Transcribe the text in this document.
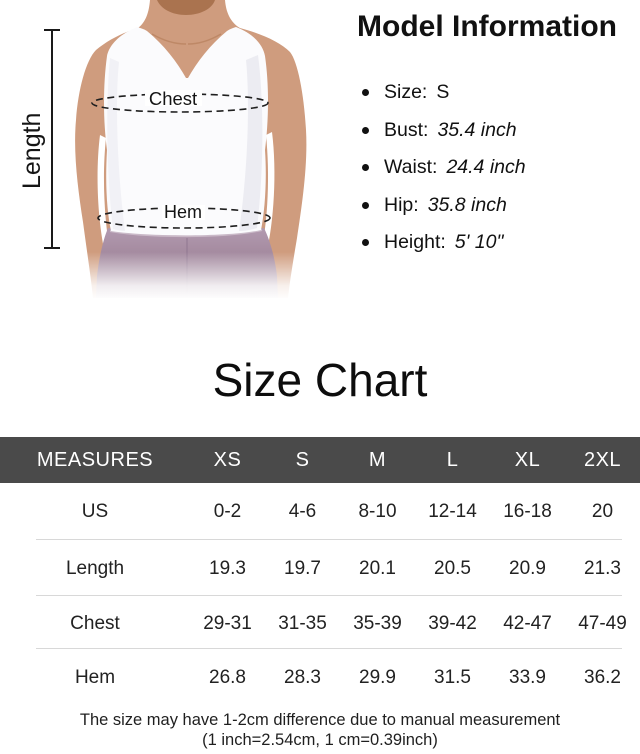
Length
Chest
Hem
Model Information
Size: S
Bust: 35.4 inch
Waist: 24.4 inch
Hip: 35.8 inch
Height: 5' 10"
Size Chart
MEASURES	XS	S	M	L	XL	2XL
US	0-2	4-6	8-10	12-14	16-18	20
Length	19.3	19.7	20.1	20.5	20.9	21.3
Chest	29-31	31-35	35-39	39-42	42-47	47-49
Hem	26.8	28.3	29.9	31.5	33.9	36.2
The size may have 1-2cm difference due to manual measurement
(1 inch=2.54cm, 1 cm=0.39inch)
